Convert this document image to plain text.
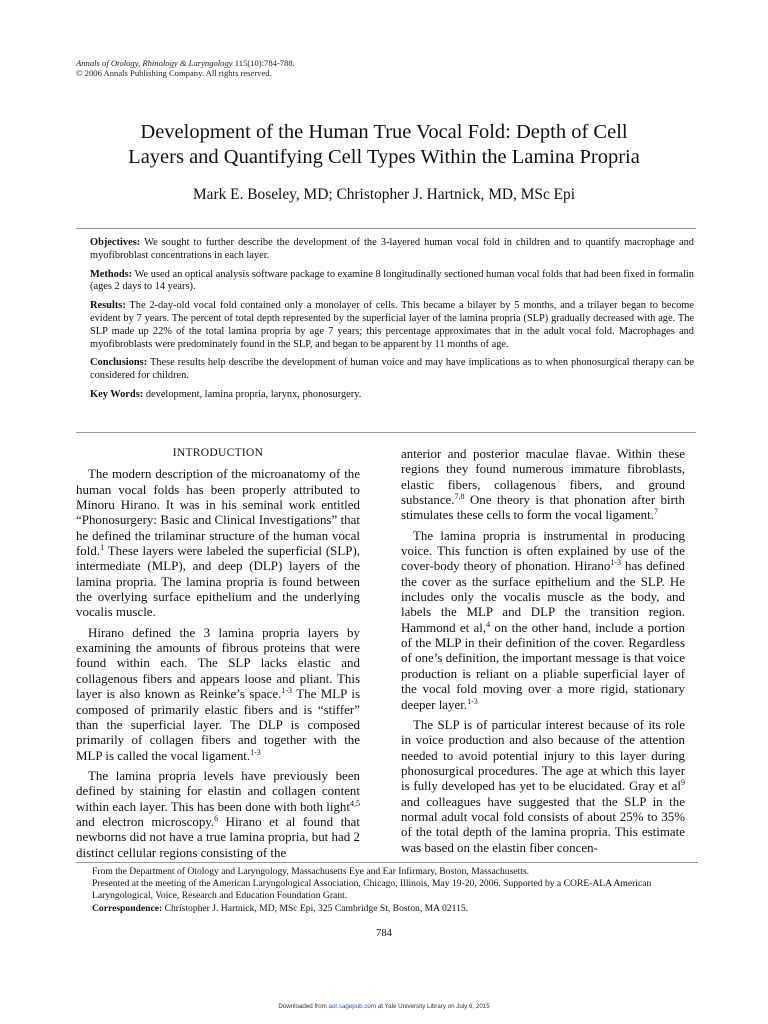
Annals of Otology, Rhinology & Laryngology 115(10):784-788.
© 2006 Annals Publishing Company. All rights reserved.
Development of the Human True Vocal Fold: Depth of Cell
Layers and Quantifying Cell Types Within the Lamina Propria
Mark E. Boseley, MD; Christopher J. Hartnick, MD, MSc Epi

Objectives: We sought to further describe the development of the 3-layered human vocal fold in children and to quantify macrophage and myofibroblast concentrations in each layer.

Methods: We used an optical analysis software package to examine 8 longitudinally sectioned human vocal folds that had been fixed in formalin (ages 2 days to 14 years).

Results: The 2-day-old vocal fold contained only a monolayer of cells. This became a bilayer by 5 months, and a trilayer began to become evident by 7 years. The percent of total depth represented by the superficial layer of the lamina propria (SLP) gradually decreased with age. The SLP made up 22% of the total lamina propria by age 7 years; this percentage approximates that in the adult vocal fold. Macrophages and myofibroblasts were predominately found in the SLP, and began to be apparent by 11 months of age.

Conclusions: These results help describe the development of human voice and may have implications as to when phonosurgical therapy can be considered for children.

Key Words: development, lamina propria, larynx, phonosurgery.

INTRODUCTION

The modern description of the microanatomy of the human vocal folds has been properly attributed to Minoru Hirano. It was in his seminal work entitled “Phonosurgery: Basic and Clinical Investigations” that he defined the trilaminar structure of the human vocal fold.$^1$ These layers were labeled the superficial (SLP), intermediate (MLP), and deep (DLP) layers of the lamina propria. The lamina propria is found between the overlying surface epithelium and the underlying vocalis muscle.

Hirano defined the 3 lamina propria layers by examining the amounts of fibrous proteins that were found within each. The SLP lacks elastic and collagenous fibers and appears loose and pliant. This layer is also known as Reinke’s space.$^{1-3}$ The MLP is composed of primarily elastic fibers and is “stiffer” than the superficial layer. The DLP is composed primarily of collagen fibers and together with the MLP is called the vocal ligament.$^{1-3}$

The lamina propria levels have previously been defined by staining for elastin and collagen content within each layer. This has been done with both light$^{4,5}$ and electron microscopy.$^6$ Hirano et al found that newborns did not have a true lamina propria, but had 2 distinct cellular regions consisting of the

anterior and posterior maculae flavae. Within these regions they found numerous immature fibroblasts, elastic fibers, collagenous fibers, and ground substance.$^{7,8}$ One theory is that phonation after birth stimulates these cells to form the vocal ligament.$^7$

The lamina propria is instrumental in producing voice. This function is often explained by use of the cover-body theory of phonation. Hirano$^{1-3}$ has defined the cover as the surface epithelium and the SLP. He includes only the vocalis muscle as the body, and labels the MLP and DLP the transition region. Hammond et al,$^4$ on the other hand, include a portion of the MLP in their definition of the cover. Regardless of one’s definition, the important message is that voice production is reliant on a pliable superficial layer of the vocal fold moving over a more rigid, stationary deeper layer.$^{1-3}$

The SLP is of particular interest because of its role in voice production and also because of the attention needed to avoid potential injury to this layer during phonosurgical procedures. The age at which this layer is fully developed has yet to be elucidated. Gray et $al^9$ and colleagues have suggested that the SLP in the normal adult vocal fold consists of about 25% to 35% of the total depth of the lamina propria. This estimate was based on the elastin fiber concen-

From the Department of Otology and Laryngology, Massachusetts Eye and Ear Infirmary, Boston, Massachusetts.

Presented at the meeting of the American Laryngological Association, Chicago, Illinois, May 19-20, 2006. Supported by a CORE-ALA American Laryngological, Voice, Research and Education Foundation Grant.

Correspondence: Christopher J. Hartnick, MD, MSc Epi, 325 Cambridge St, Boston, MA 02115.

784
Downloaded from aor.sagepub.com at Yale University Library on July 6, 2015
